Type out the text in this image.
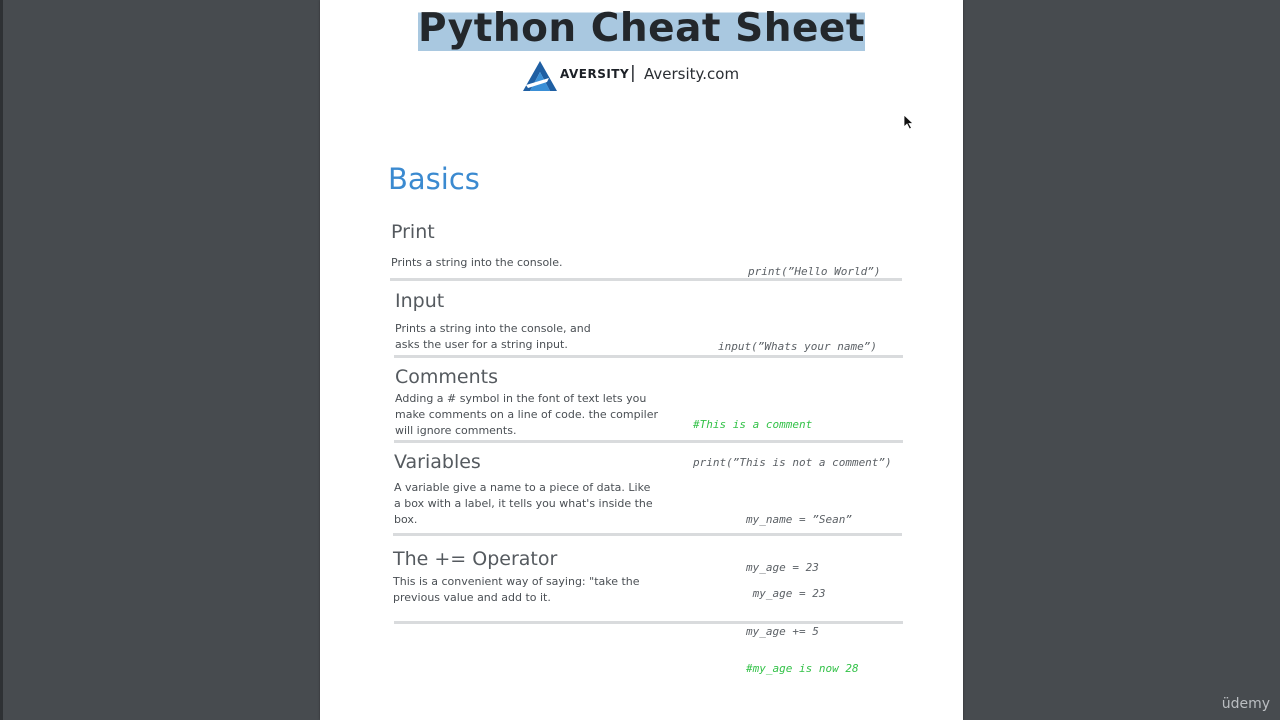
Python Cheat Sheet
AVERSITY | Aversity.com
Basics
Print
Prints a string into the console.

print(”Hello World”)

Input
Prints a string into the console, and asks the user for a string input.

	input(”Whats your name”)

Comments
Adding a # symbol in the font of text lets you make comments on a line of code. the compiler will ignore comments.

	#This is a comment

print(”This is not a comment”)

Variables
A variable give a name to a piece of data. Like a box with a label, it tells you what's inside the box.

	my_name = ”Sean”

my_age = 23

The += Operator
This is a convenient way of saying: "take the previous value and add to it.

	my_age = 23

my_age += 5

#my_age is now 28

üdemy
